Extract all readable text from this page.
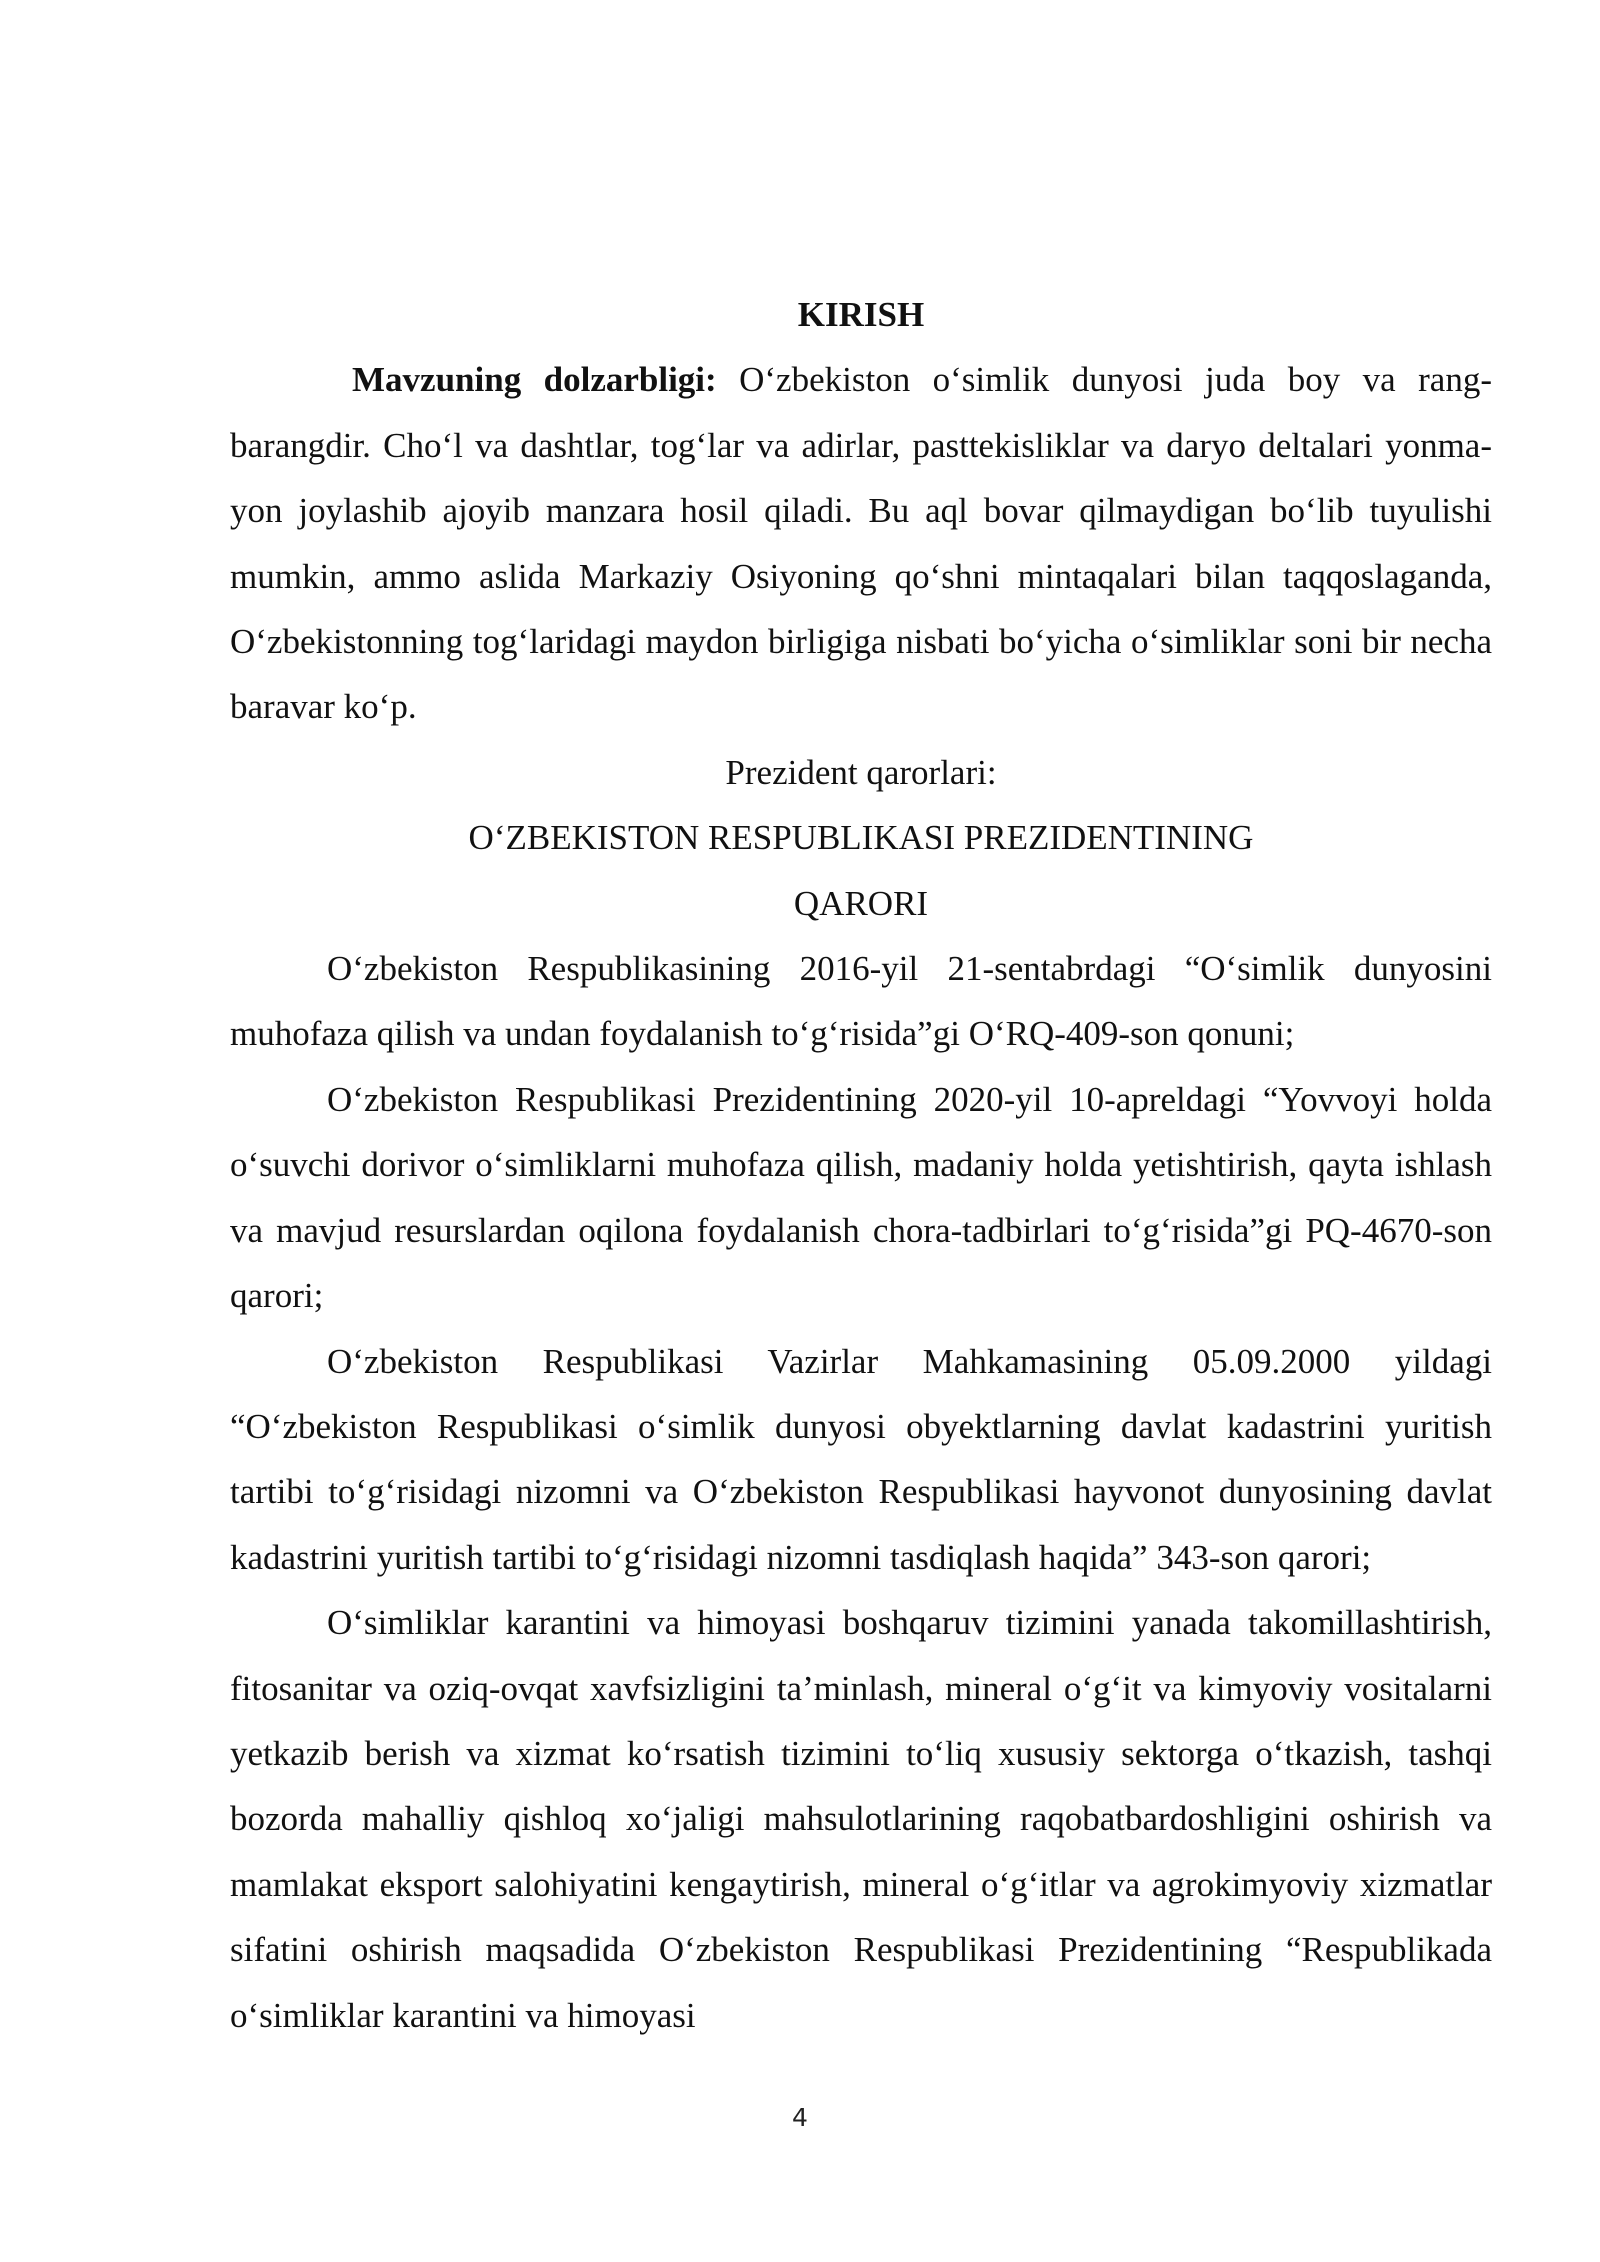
KIRISH

Mavzuning dolzarbligi: O‘zbekiston o‘simlik dunyosi juda boy va rang-barangdir. Cho‘l va dashtlar, tog‘lar va adirlar, pasttekisliklar va daryo deltalari yonma-yon joylashib ajoyib manzara hosil qiladi. Bu aql bovar qilmaydigan bo‘lib tuyulishi mumkin, ammo aslida Markaziy Osiyoning qo‘shni mintaqalari bilan taqqoslaganda, O‘zbekistonning tog‘laridagi maydon birligiga nisbati bo‘yicha o‘simliklar soni bir necha baravar ko‘p.

Prezident qarorlari:

O‘ZBEKISTON RESPUBLIKASI PREZIDENTINING

QARORI

O‘zbekiston Respublikasining 2016-yil 21-sentabrdagi “O‘simlik dunyosini muhofaza qilish va undan foydalanish to‘g‘risida”gi O‘RQ-409-son qonuni;

O‘zbekiston Respublikasi Prezidentining 2020-yil 10-apreldagi “Yovvoyi holda o‘suvchi dorivor o‘simliklarni muhofaza qilish, madaniy holda yetishtirish, qayta ishlash va mavjud resurslardan oqilona foydalanish chora-tadbirlari to‘g‘risida”gi PQ-4670-son qarori;

O‘zbekiston Respublikasi Vazirlar Mahkamasining 05.09.2000 yildagi “O‘zbekiston Respublikasi o‘simlik dunyosi obyektlarning davlat kadastrini yuritish tartibi to‘g‘risidagi nizomni va O‘zbekiston Respublikasi hayvonot dunyosining davlat kadastrini yuritish tartibi to‘g‘risidagi nizomni tasdiqlash haqida” 343-son qarori;

O‘simliklar karantini va himoyasi boshqaruv tizimini yanada takomillashtirish, fitosanitar va oziq-ovqat xavfsizligini ta’minlash, mineral o‘g‘it va kimyoviy vositalarni yetkazib berish va xizmat ko‘rsatish tizimini to‘liq xususiy sektorga o‘tkazish, tashqi bozorda mahalliy qishloq xo‘jaligi mahsulotlarining raqobatbardoshligini oshirish va mamlakat eksport salohiyatini kengaytirish, mineral o‘g‘itlar va agrokimyoviy xizmatlar sifatini oshirish maqsadida O‘zbekiston Respublikasi Prezidentining “Respublikada o‘simliklar karantini va himoyasi

4
